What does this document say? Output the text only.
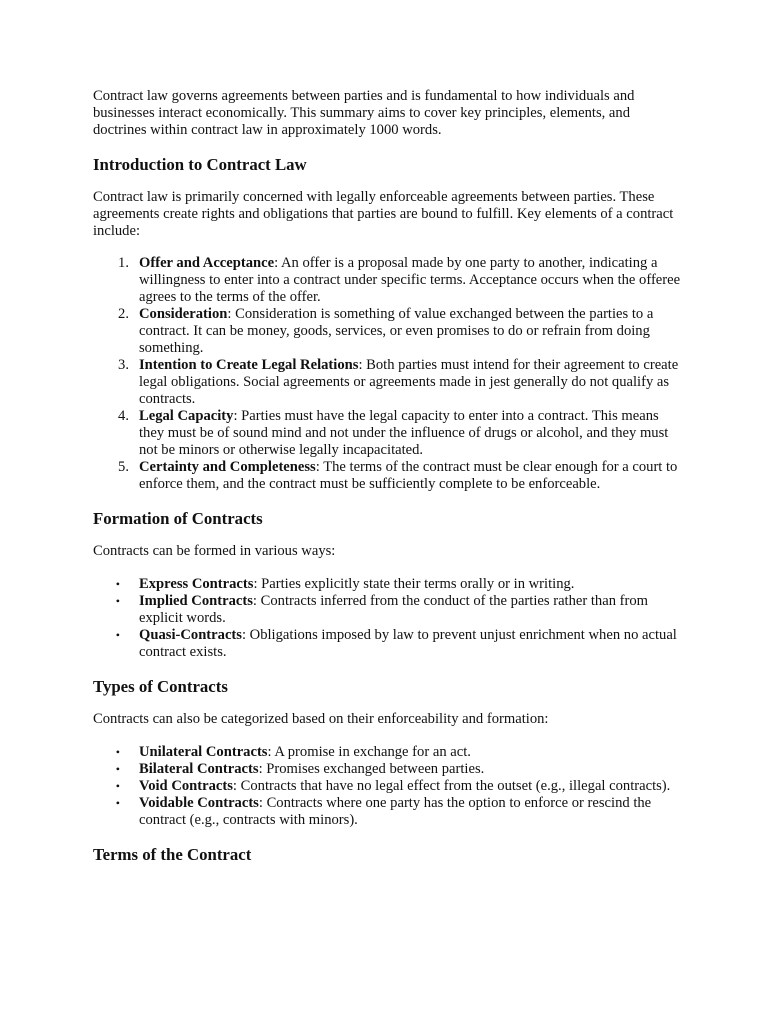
Contract law governs agreements between parties and is fundamental to how individuals and businesses interact economically. This summary aims to cover key principles, elements, and doctrines within contract law in approximately 1000 words.

Introduction to Contract Law

Contract law is primarily concerned with legally enforceable agreements between parties. These agreements create rights and obligations that parties are bound to fulfill. Key elements of a contract include:

1. Offer and Acceptance: An offer is a proposal made by one party to another, indicating a willingness to enter into a contract under specific terms. Acceptance occurs when the offeree agrees to the terms of the offer.
2. Consideration: Consideration is something of value exchanged between the parties to a contract. It can be money, goods, services, or even promises to do or refrain from doing something.
3. Intention to Create Legal Relations: Both parties must intend for their agreement to create legal obligations. Social agreements or agreements made in jest generally do not qualify as contracts.
4. Legal Capacity: Parties must have the legal capacity to enter into a contract. This means they must be of sound mind and not under the influence of drugs or alcohol, and they must not be minors or otherwise legally incapacitated.
5. Certainty and Completeness: The terms of the contract must be clear enough for a court to enforce them, and the contract must be sufficiently complete to be enforceable.
Formation of Contracts

Contracts can be formed in various ways:

• Express Contracts: Parties explicitly state their terms orally or in writing.
• Implied Contracts: Contracts inferred from the conduct of the parties rather than from explicit words.
• Quasi-Contracts: Obligations imposed by law to prevent unjust enrichment when no actual contract exists.
Types of Contracts

Contracts can also be categorized based on their enforceability and formation:

• Unilateral Contracts: A promise in exchange for an act.
• Bilateral Contracts: Promises exchanged between parties.
• Void Contracts: Contracts that have no legal effect from the outset (e.g., illegal contracts).
• Voidable Contracts: Contracts where one party has the option to enforce or rescind the contract (e.g., contracts with minors).
Terms of the Contract
